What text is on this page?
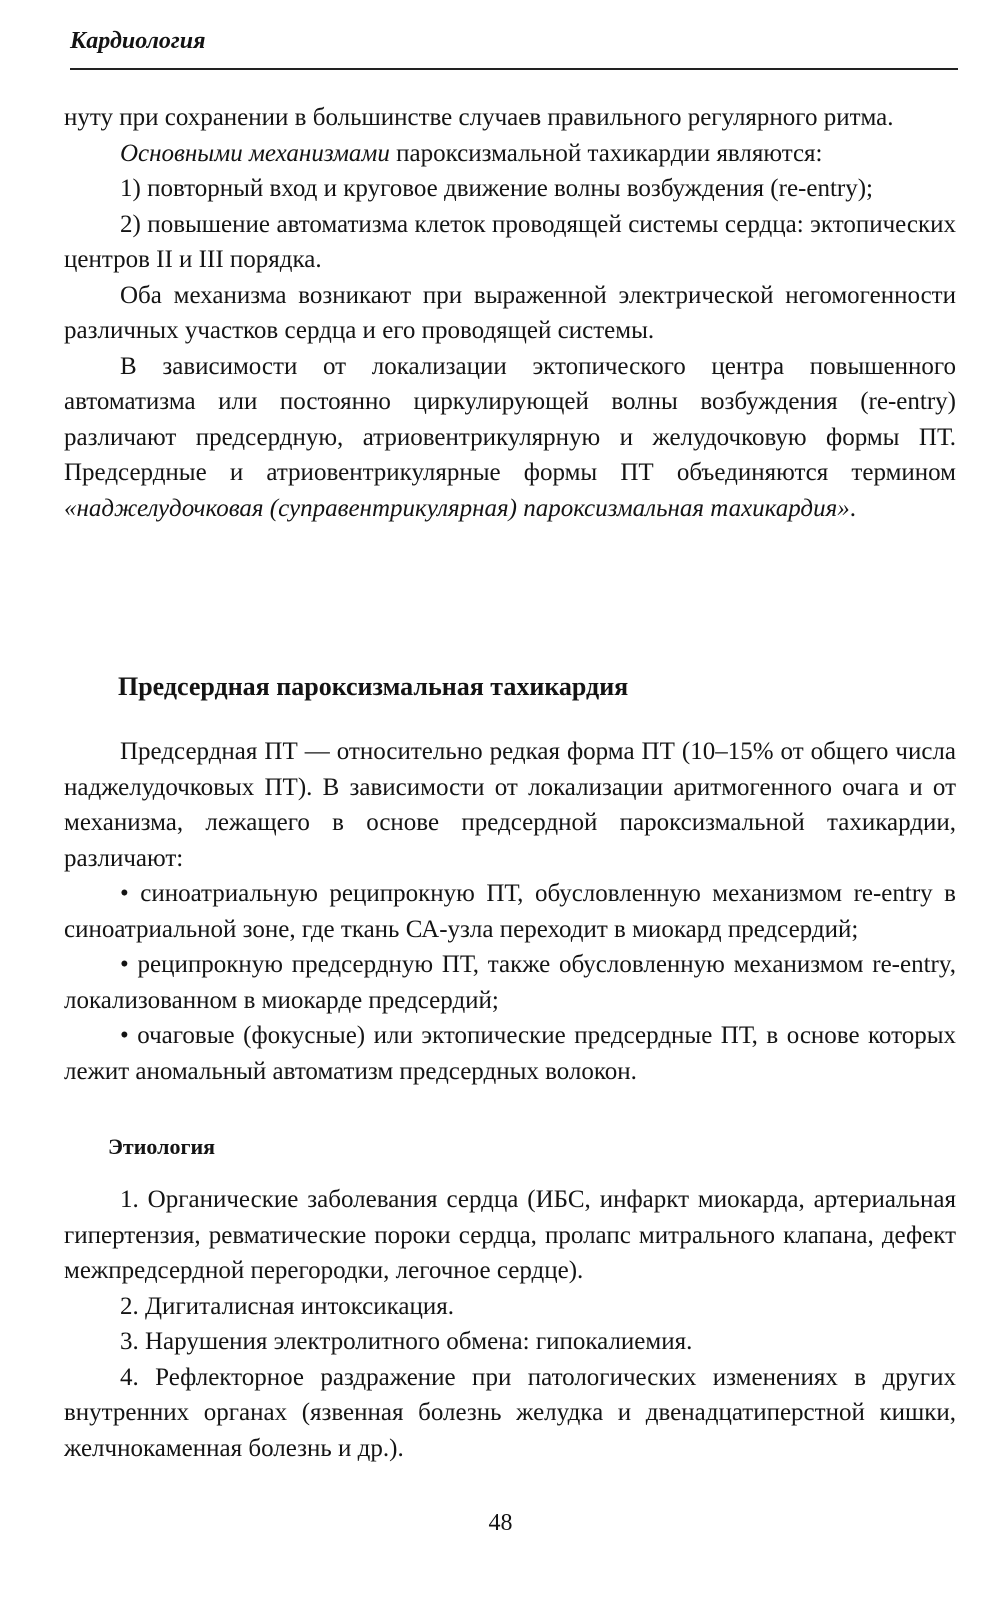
Кардиология

нуту при сохранении в большинстве случаев правильного регулярного ритма.

Основными механизмами пароксизмальной тахикардии являются:

1) повторный вход и круговое движение волны возбуждения (re-entry);

2) повышение автоматизма клеток проводящей системы сердца: эктопических центров II и III порядка.

Оба механизма возникают при выраженной электрической негомогенности различных участков сердца и его проводящей системы.

В зависимости от локализации эктопического центра повышенного автоматизма или постоянно циркулирующей волны возбуждения (re-entry) различают предсердную, атриовентрикулярную и желудочковую формы ПТ. Предсердные и атриовентрикулярные формы ПТ объединяются термином «наджелудочковая (суправентрикулярная) пароксизмальная тахикардия».

Предсердная пароксизмальная тахикардия

Предсердная ПТ — относительно редкая форма ПТ (10–15% от общего числа наджелудочковых ПТ). В зависимости от локализации аритмогенного очага и от механизма, лежащего в основе предсердной пароксизмальной тахикардии, различают:

• синоатриальную реципрокную ПТ, обусловленную механизмом re-entry в синоатриальной зоне, где ткань СА-узла переходит в миокард предсердий;

• реципрокную предсердную ПТ, также обусловленную механизмом re-entry, локализованном в миокарде предсердий;

• очаговые (фокусные) или эктопические предсердные ПТ, в основе которых лежит аномальный автоматизм предсердных волокон.

Этиология

1. Органические заболевания сердца (ИБС, инфаркт миокарда, артериальная гипертензия, ревматические пороки сердца, пролапс митрального клапана, дефект межпредсердной перегородки, легочное сердце).

2. Дигиталисная интоксикация.

3. Нарушения электролитного обмена: гипокалиемия.

4. Рефлекторное раздражение при патологических изменениях в других внутренних органах (язвенная болезнь желудка и двенадцатиперстной кишки, желчнокаменная болезнь и др.).

48
